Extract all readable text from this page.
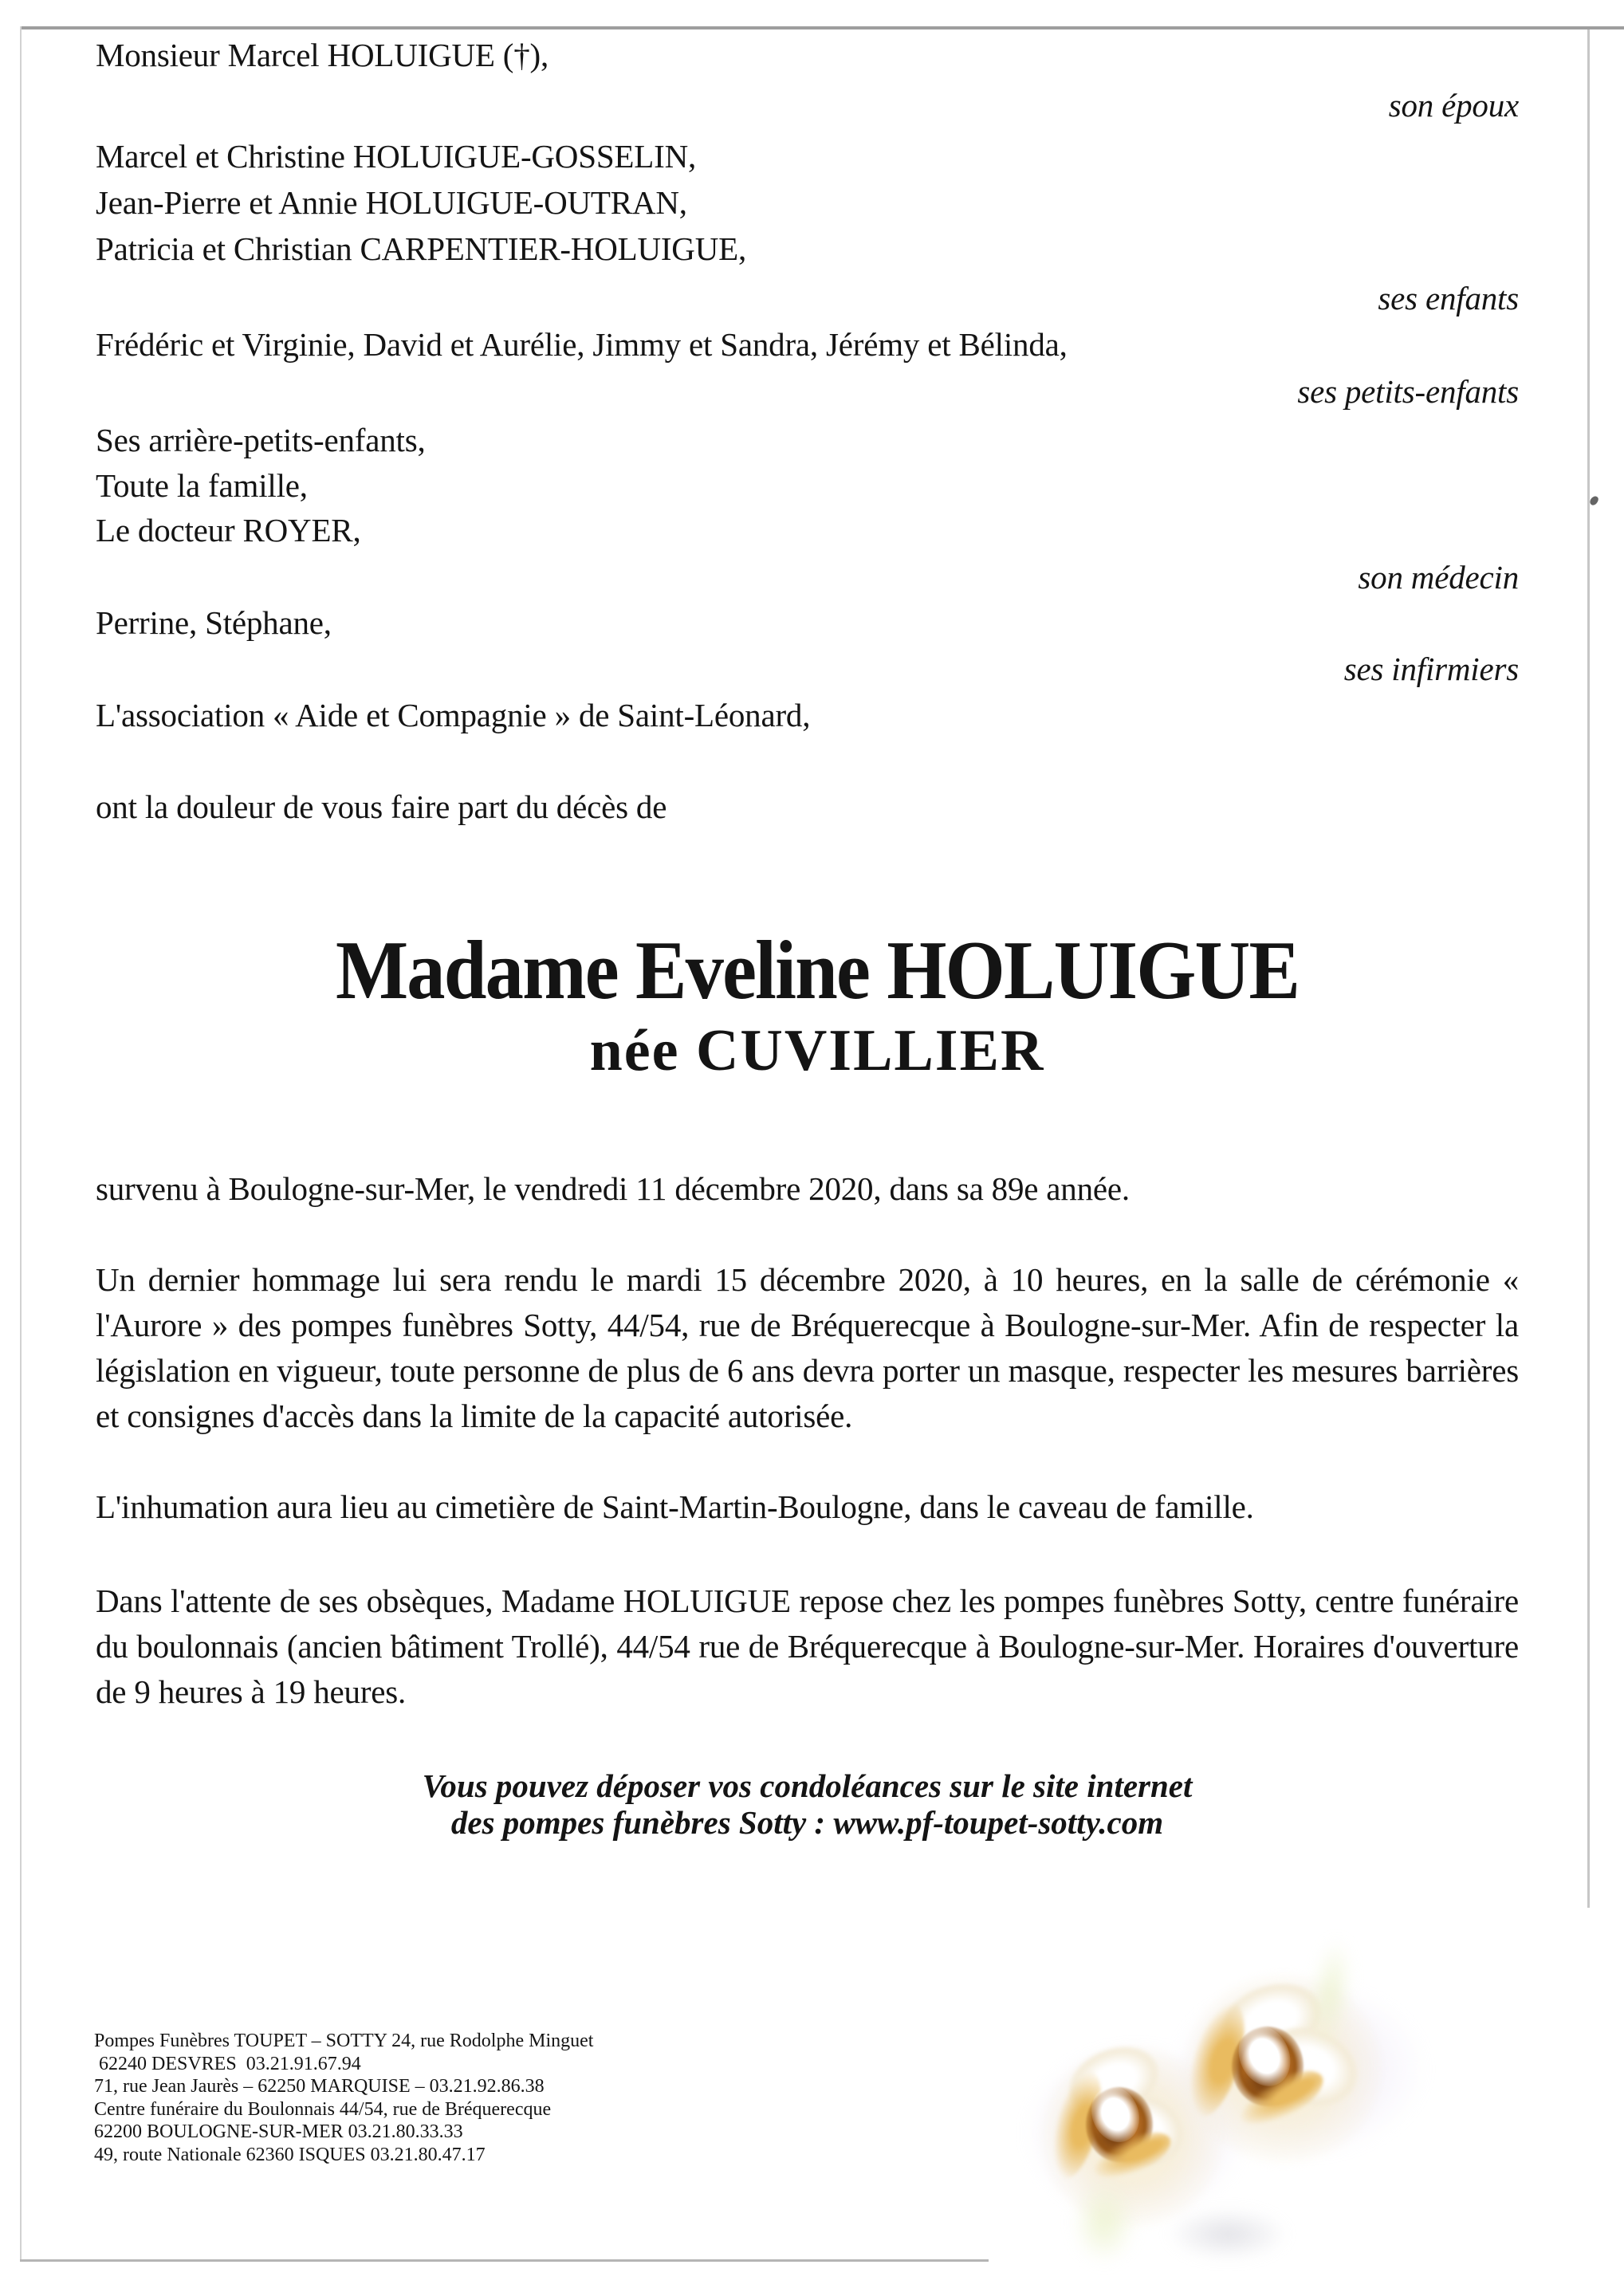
Monsieur Marcel HOLUIGUE (†),
son époux
Marcel et Christine HOLUIGUE-GOSSELIN,
Jean-Pierre et Annie HOLUIGUE-OUTRAN,
Patricia et Christian CARPENTIER-HOLUIGUE,
ses enfants
Frédéric et Virginie, David et Aurélie, Jimmy et Sandra, Jérémy et Bélinda,
ses petits-enfants
Ses arrière-petits-enfants,
Toute la famille,
Le docteur ROYER,
son médecin
Perrine, Stéphane,
ses infirmiers
L'association « Aide et Compagnie » de Saint-Léonard,
ont la douleur de vous faire part du décès de
Madame Eveline HOLUIGUE
née CUVILLIER
survenu à Boulogne-sur-Mer, le vendredi 11 décembre 2020, dans sa 89e année.
Un dernier hommage lui sera rendu le mardi 15 décembre 2020, à 10 heures, en la salle de cérémonie « l'Aurore » des pompes funèbres Sotty, 44/54, rue de Bréquerecque à Boulogne-sur-Mer. Afin de respecter la législation en vigueur, toute personne de plus de 6 ans devra porter un masque, respecter les mesures barrières et consignes d'accès dans la limite de la capacité autorisée.
L'inhumation aura lieu au cimetière de Saint-Martin-Boulogne, dans le caveau de famille.
Dans l'attente de ses obsèques, Madame HOLUIGUE repose chez les pompes funèbres Sotty, centre funéraire du boulonnais (ancien bâtiment Trollé), 44/54 rue de Bréquerecque à Boulogne-sur-Mer. Horaires d'ouverture de 9 heures à 19 heures.
Vous pouvez déposer vos condoléances sur le site internet
des pompes funèbres Sotty : www.pf-toupet-sotty.com
Pompes Funèbres TOUPET – SOTTY 24, rue Rodolphe Minguet
62240 DESVRES  03.21.91.67.94
71, rue Jean Jaurès – 62250 MARQUISE – 03.21.92.86.38
Centre funéraire du Boulonnais 44/54, rue de Bréquerecque
62200 BOULOGNE-SUR-MER 03.21.80.33.33
49, route Nationale 62360 ISQUES 03.21.80.47.17
